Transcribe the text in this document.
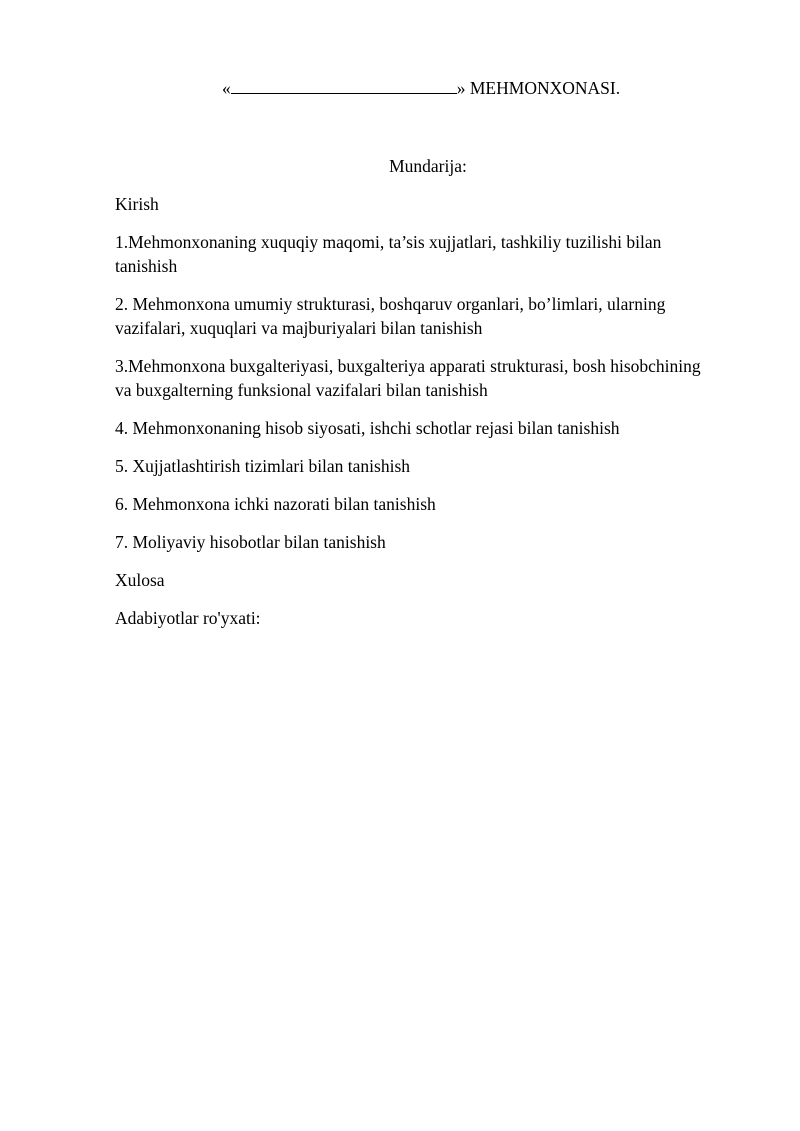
«	» MEHMONXONASI.
Mundarija:
Kirish
1.Mehmonxonaning xuquqiy maqomi, ta’sis xujjatlari, tashkiliy tuzilishi bilan tanishish
2. Mehmonxona umumiy strukturasi, boshqaruv organlari, bo’limlari, ularning vazifalari, xuquqlari va majburiyalari bilan tanishish
3.Mehmonxona buxgalteriyasi, buxgalteriya apparati strukturasi, bosh hisobchining va buxgalterning funksional vazifalari bilan tanishish
4. Mehmonxonaning hisob siyosati, ishchi schotlar rejasi bilan tanishish
5. Xujjatlashtirish tizimlari bilan tanishish
6. Mehmonxona ichki nazorati bilan tanishish
7. Moliyaviy hisobotlar bilan tanishish
Xulosa
Adabiyotlar ro'yxati:
